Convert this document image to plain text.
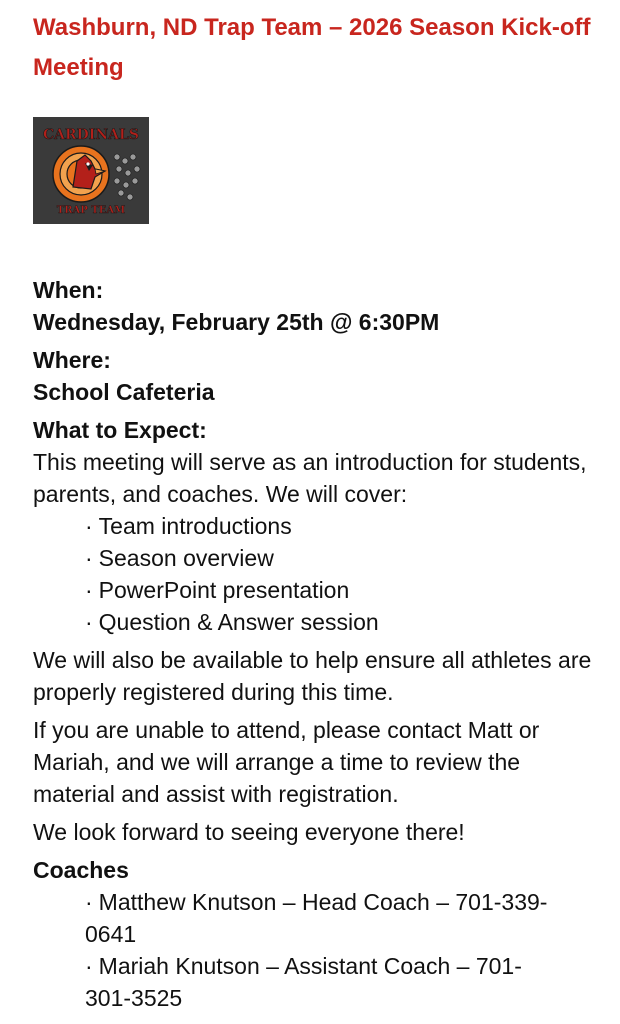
Washburn, ND Trap Team – 2026 Season Kick-off Meeting
CARDINALS
TRAP TEAM

When:

Wednesday, February 25th @ 6:30PM

Where:

School Cafeteria

What to Expect:

This meeting will serve as an introduction for students, parents, and coaches. We will cover:

· Team introductions
· Season overview
· PowerPoint presentation
· Question & Answer session

We will also be available to help ensure all athletes are properly registered during this time.

If you are unable to attend, please contact Matt or Mariah, and we will arrange a time to review the material and assist with registration.

We look forward to seeing everyone there!

Coaches

· Matthew Knutson – Head Coach – 701-339-0641
· Mariah Knutson – Assistant Coach – 701-301-3525
